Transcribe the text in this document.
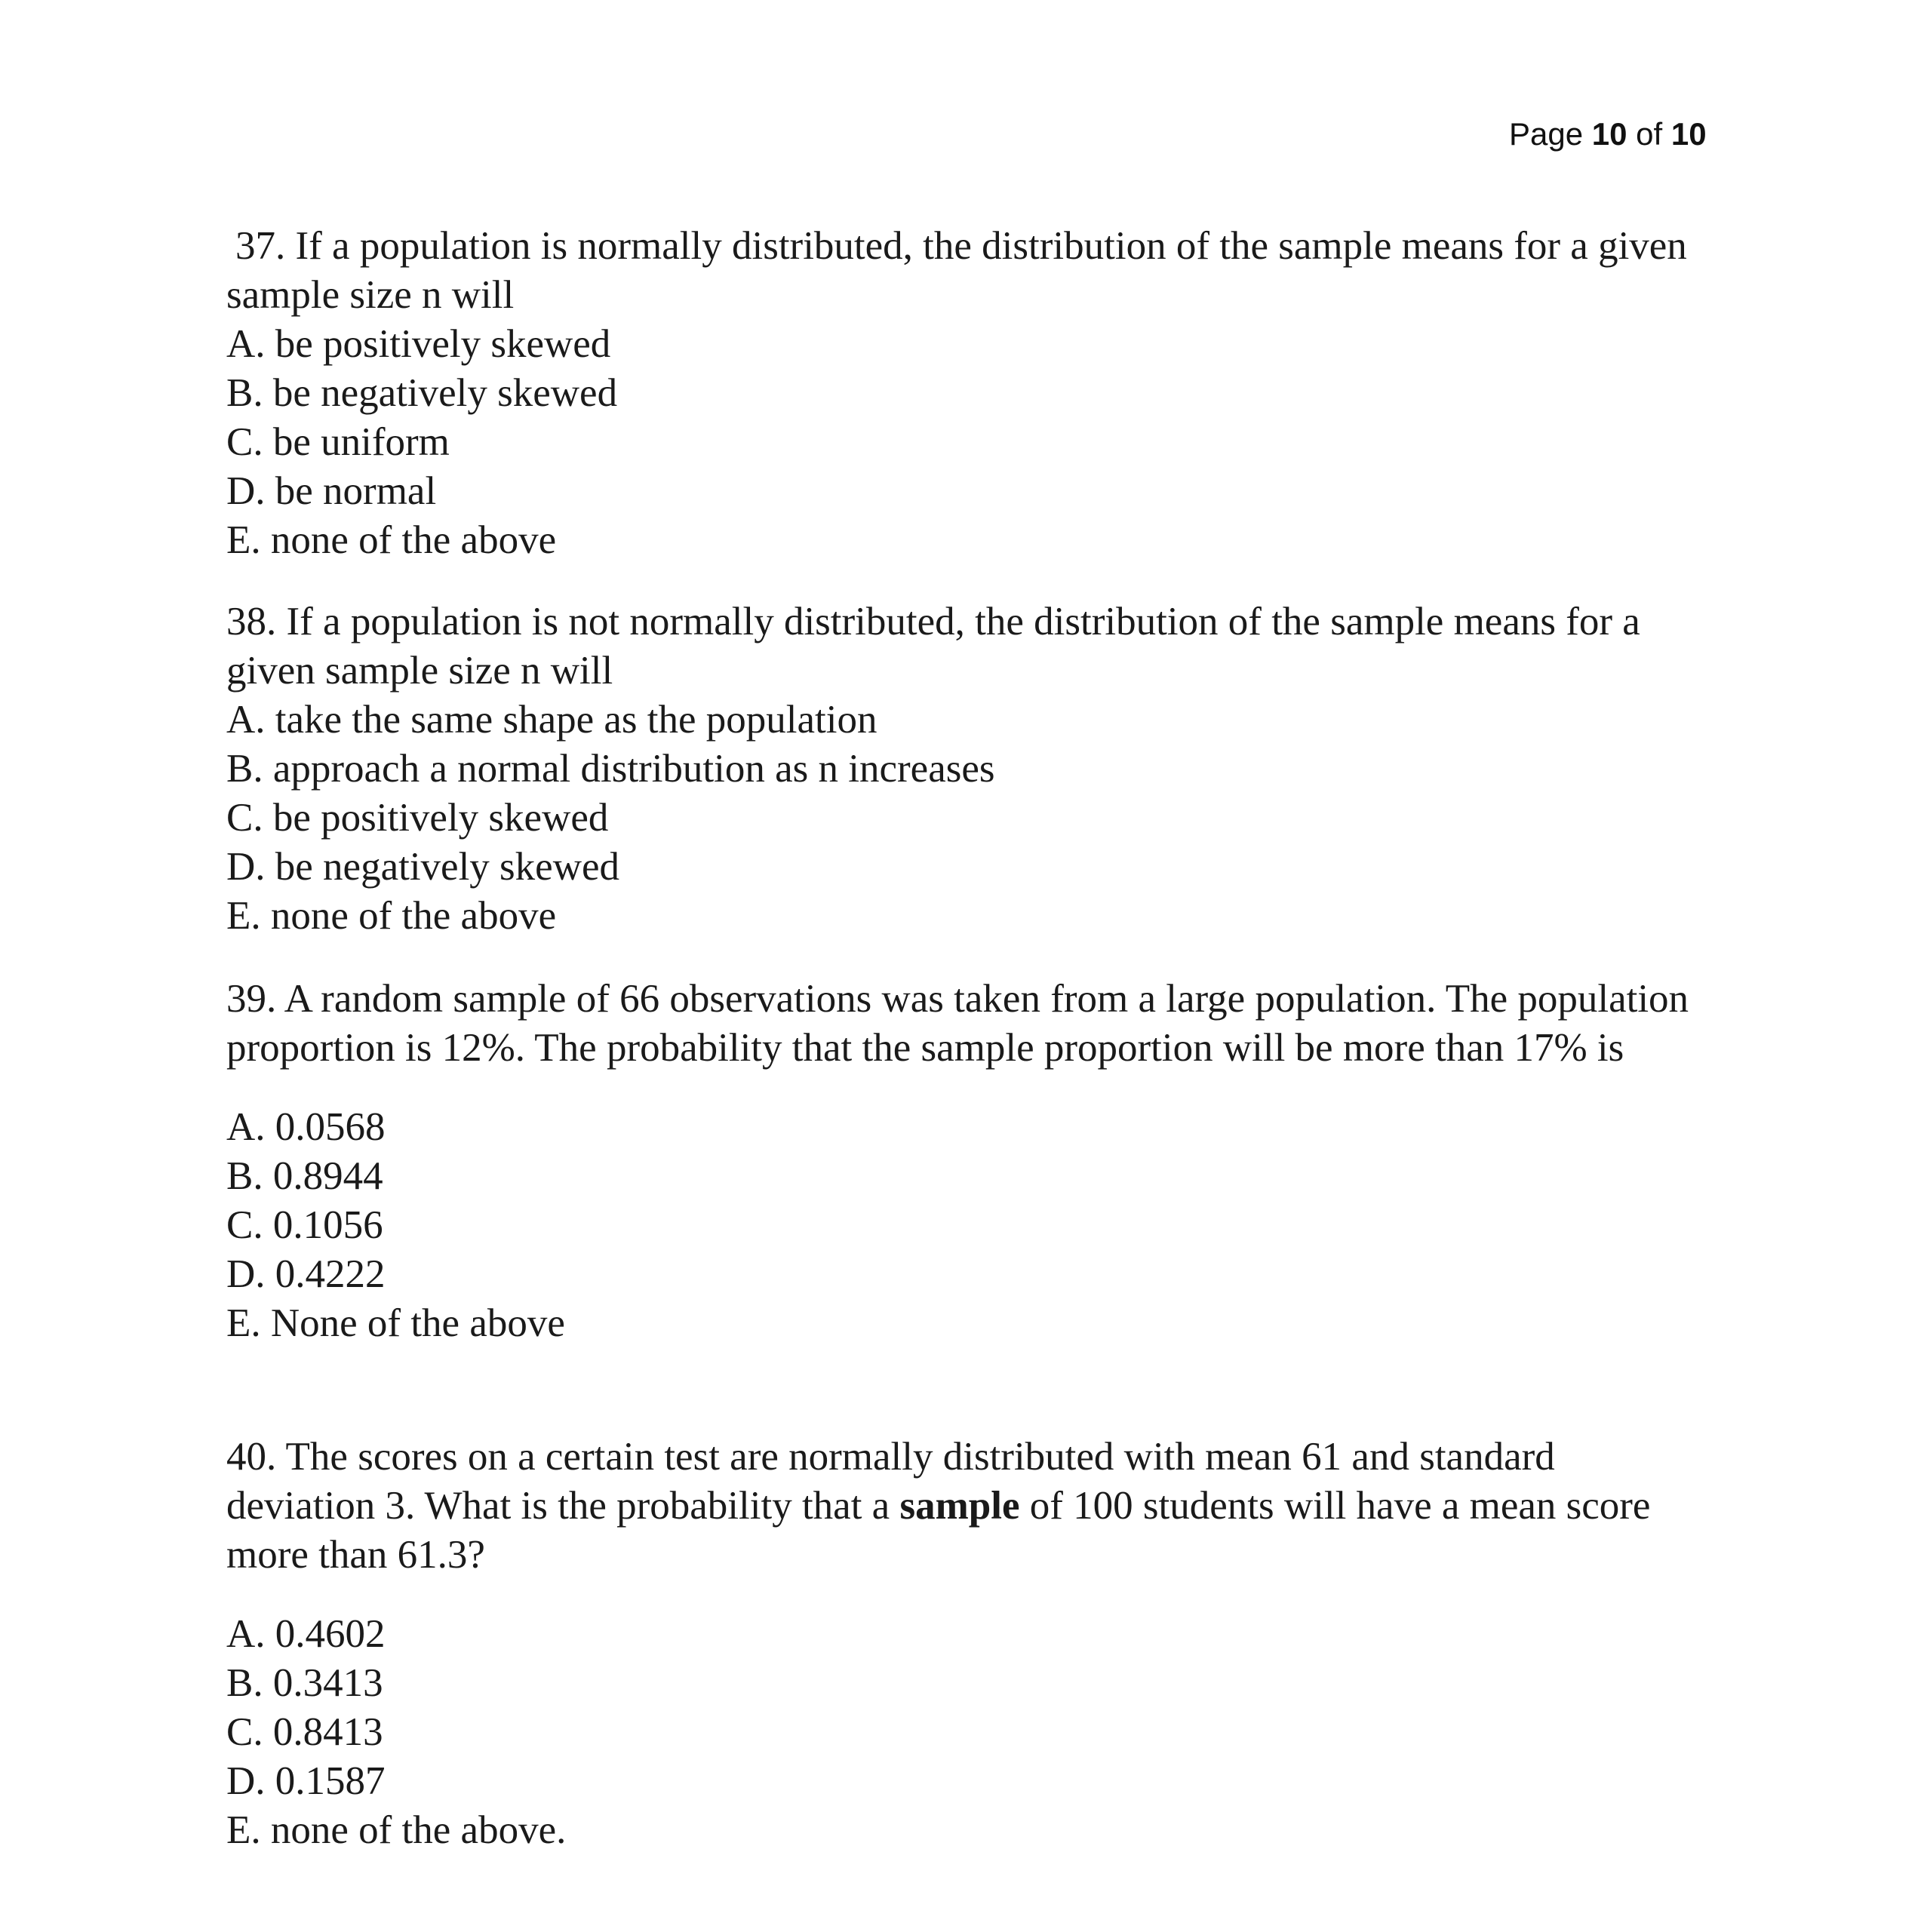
Page 10 of 10

37. If a population is normally distributed, the distribution of the sample means for a given sample size n will

A. be positively skewed
B. be negatively skewed
C. be uniform
D. be normal
E. none of the above

38. If a population is not normally distributed, the distribution of the sample means for a given sample size n will

A. take the same shape as the population
B. approach a normal distribution as n increases
C. be positively skewed
D. be negatively skewed
E. none of the above

39. A random sample of 66 observations was taken from a large population. The population proportion is 12%. The probability that the sample proportion will be more than 17% is

A. 0.0568
B. 0.8944
C. 0.1056
D. 0.4222
E. None of the above

40. The scores on a certain test are normally distributed with mean 61 and standard deviation 3. What is the probability that a sample of 100 students will have a mean score more than 61.3?

A. 0.4602
B. 0.3413
C. 0.8413
D. 0.1587
E. none of the above.
